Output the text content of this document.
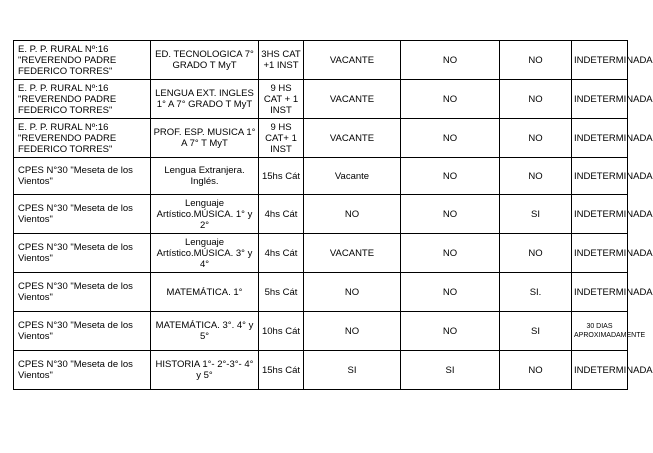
E. P. P. RURAL Nº:16 "REVERENDO PADRE FEDERICO TORRES"	ED. TECNOLOGICA 7° GRADO T MyT	3HS CAT +1 INST	VACANTE	NO	NO	INDETERMINADA
E. P. P. RURAL Nº:16 "REVERENDO PADRE FEDERICO TORRES"	LENGUA EXT. INGLES 1° A 7° GRADO T MyT	9 HS CAT + 1 INST	VACANTE	NO	NO	INDETERMINADA
E. P. P. RURAL Nº:16 "REVERENDO PADRE FEDERICO TORRES"	PROF. ESP. MUSICA 1° A 7° T MyT	9 HS CAT+ 1 INST	VACANTE	NO	NO	INDETERMINADA
CPES N°30 "Meseta de los Vientos"	Lengua Extranjera. Inglés.	15hs Cát	Vacante	NO	NO	INDETERMINADA
CPES N°30 "Meseta de los Vientos"	Lenguaje Artístico.MÚSICA. 1° y 2°	4hs Cát	NO	NO	SI	INDETERMINADA
CPES N°30 "Meseta de los Vientos"	Lenguaje Artístico.MÚSICA. 3° y 4°	4hs Cát	VACANTE	NO	NO	INDETERMINADA
CPES N°30 "Meseta de los Vientos"	MATEMÁTICA. 1°	5hs Cát	NO	NO	SI.	INDETERMINADA
CPES N°30 "Meseta de los Vientos"	MATEMÁTICA. 3°. 4° y 5°	10hs Cát	NO	NO	SI	30 DIAS APROXIMADAMENTE
CPES N°30 "Meseta de los Vientos"	HISTORIA 1°- 2°-3°- 4° y 5°	15hs Cát	SI	SI	NO	INDETERMINADA
